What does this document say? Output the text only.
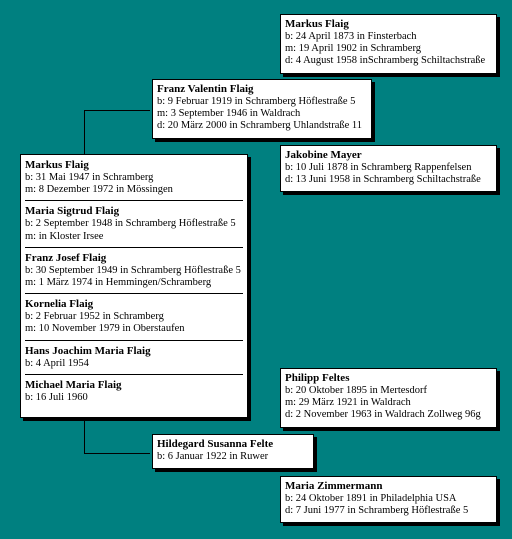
Markus Flaig
b: 24 April 1873 in Finsterbach
m: 19 April 1902 in Schramberg
d: 4 August 1958 inSchramberg Schiltachstraße
Franz Valentin Flaig
b: 9 Februar 1919 in Schramberg Höflestraße 5
m: 3 September 1946 in Waldrach
d: 20 März 2000 in Schramberg Uhlandstraße 11
Jakobine Mayer
b: 10 Juli 1878 in Schramberg Rappenfelsen
d: 13 Juni 1958 in Schramberg Schiltachstraße
Markus Flaig
b: 31 Mai 1947 in Schramberg
m: 8 Dezember 1972 in Mössingen
Maria Sigtrud Flaig
b: 2 September 1948 in Schramberg Höflestraße 5
m: in Kloster Irsee
Franz Josef Flaig
b: 30 September 1949 in Schramberg Höflestraße 5
m: 1 März 1974 in Hemmingen/Schramberg
Kornelia Flaig
b: 2 Februar 1952 in Schramberg
m: 10 November 1979 in Oberstaufen
Hans Joachim Maria Flaig
b: 4 April 1954
Michael Maria Flaig
b: 16 Juli 1960
Philipp Feltes
b: 20 Oktober 1895 in Mertesdorf
m: 29 März 1921 in Waldrach
d: 2 November 1963 in Waldrach Zollweg 96g
Hildegard Susanna Felte
b: 6 Januar 1922 in Ruwer
Maria Zimmermann
b: 24 Oktober 1891 in Philadelphia USA
d: 7 Juni 1977 in Schramberg Höflestraße 5
